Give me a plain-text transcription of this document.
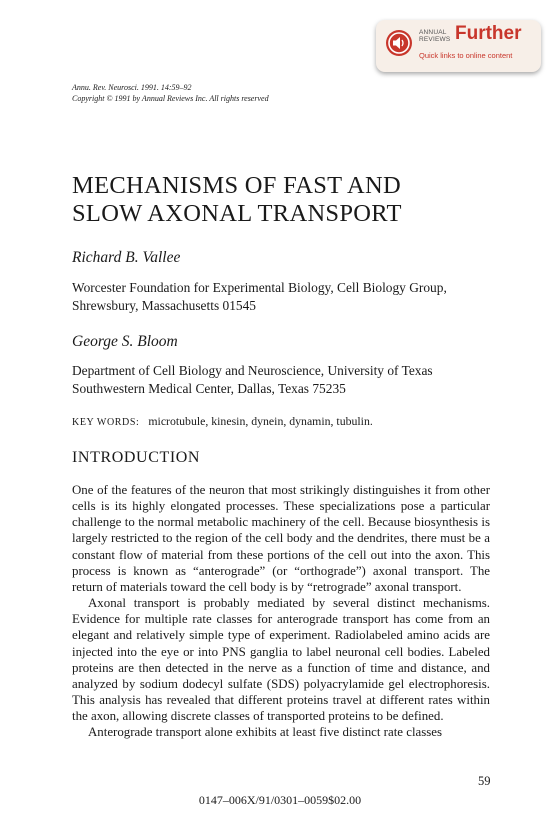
ANNUAL
REVIEWS Further
Quick links to online content
Annu. Rev. Neurosci. 1991. 14:59–92
Copyright © 1991 by Annual Reviews Inc. All rights reserved
MECHANISMS OF FAST AND
SLOW AXONAL TRANSPORT
Richard B. Vallee
Worcester Foundation for Experimental Biology, Cell Biology Group,
Shrewsbury, Massachusetts 01545
George S. Bloom
Department of Cell Biology and Neuroscience, University of Texas
Southwestern Medical Center, Dallas, Texas 75235
KEY WORDS: microtubule, kinesin, dynein, dynamin, tubulin.
INTRODUCTION

One of the features of the neuron that most strikingly distinguishes it from other cells is its highly elongated processes. These specializations pose a particular challenge to the normal metabolic machinery of the cell. Because biosynthesis is largely restricted to the region of the cell body and the dendrites, there must be a constant flow of material from these portions of the cell out into the axon. This process is known as “anterograde” (or “orthograde”) axonal transport. The return of materials toward the cell body is by “retrograde” axonal transport.

Axonal transport is probably mediated by several distinct mechanisms. Evidence for multiple rate classes for anterograde transport has come from an elegant and relatively simple type of experiment. Radiolabeled amino acids are injected into the eye or into PNS ganglia to label neuronal cell bodies. Labeled proteins are then detected in the nerve as a function of time and distance, and analyzed by sodium dodecyl sulfate (SDS) polyacrylamide gel electrophoresis. This analysis has revealed that different proteins travel at different rates within the axon, allowing discrete classes of transported proteins to be defined.

Anterograde transport alone exhibits at least five distinct rate classes

59
0147–006X/91/0301–0059$02.00
